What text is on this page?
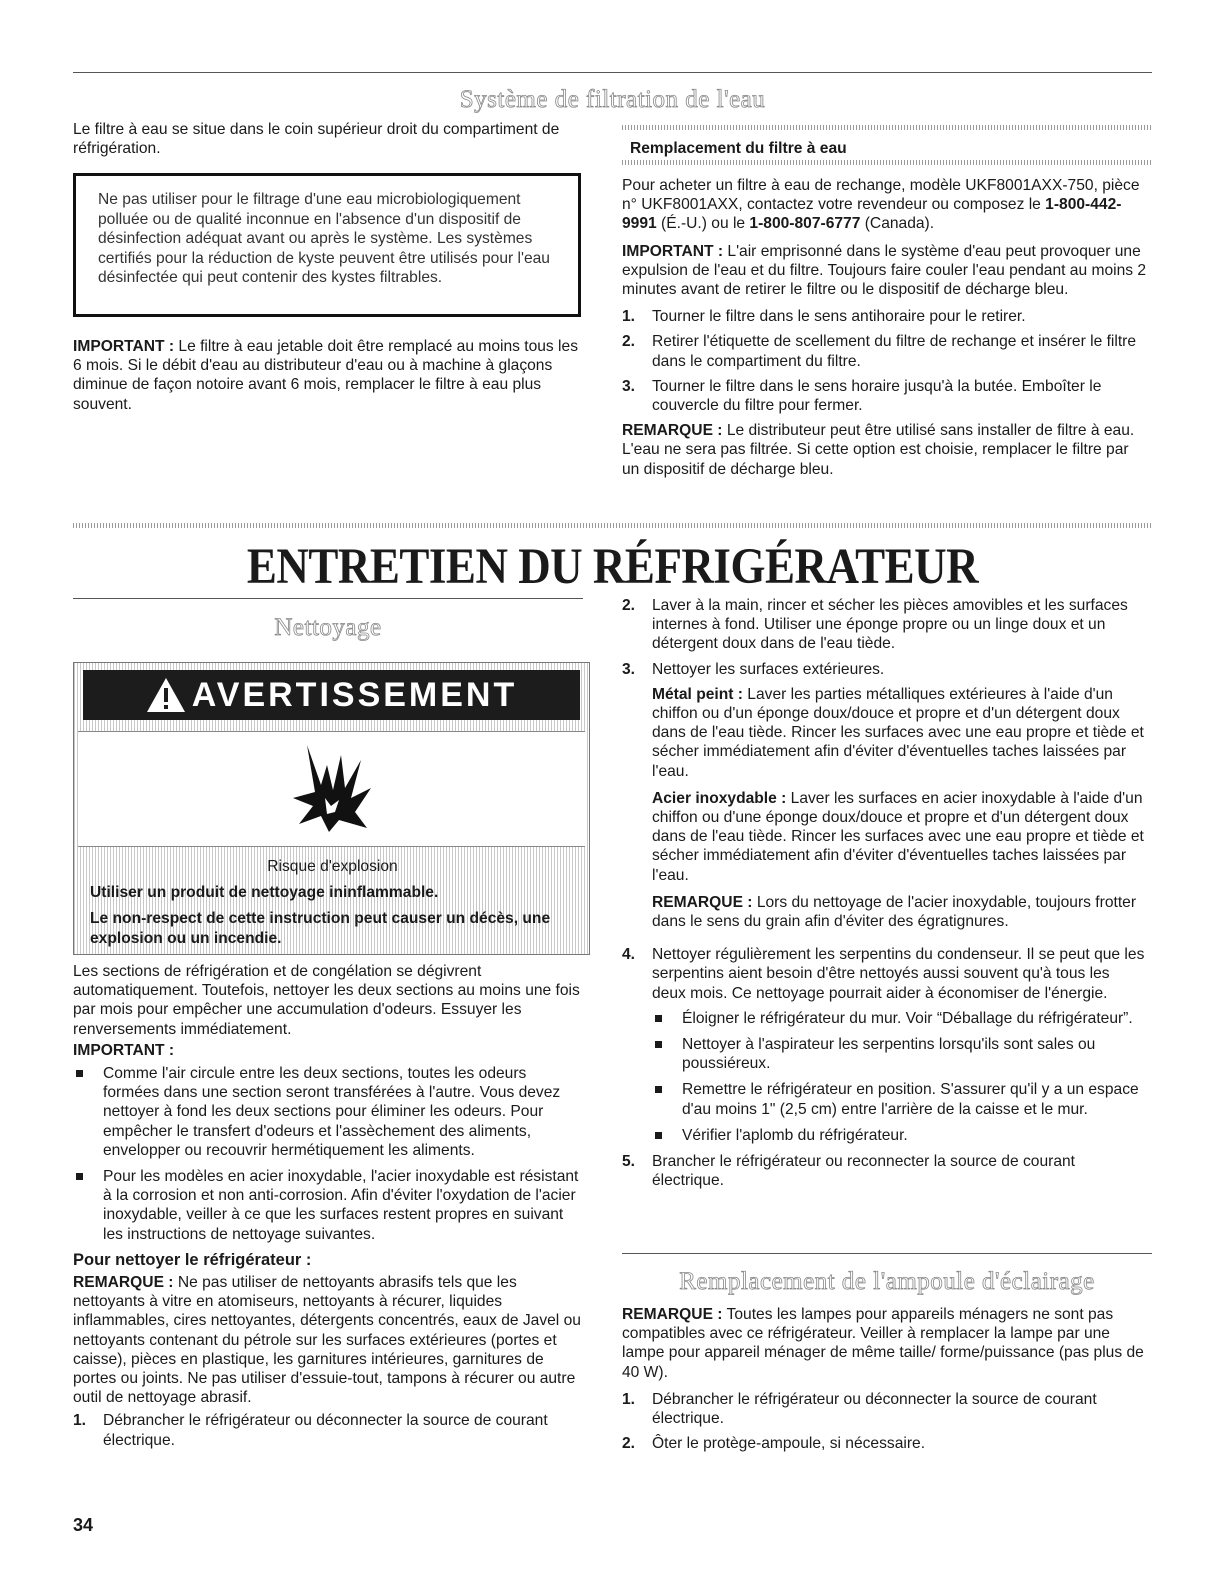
Système de filtration de l'eau

Le filtre à eau se situe dans le coin supérieur droit du compartiment de réfrigération.

Ne pas utiliser pour le filtrage d'une eau microbiologiquement polluée ou de qualité inconnue en l'absence d'un dispositif de désinfection adéquat avant ou après le système. Les systèmes certifiés pour la réduction de kyste peuvent être utilisés pour l'eau désinfectée qui peut contenir des kystes filtrables.

IMPORTANT : Le filtre à eau jetable doit être remplacé au moins tous les 6 mois. Si le débit d'eau au distributeur d'eau ou à machine à glaçons diminue de façon notoire avant 6 mois, remplacer le filtre à eau plus souvent.

Remplacement du filtre à eau

Pour acheter un filtre à eau de rechange, modèle UKF8001AXX-750, pièce n° UKF8001AXX, contactez votre revendeur ou composez le 1-800-442-9991 (É.-U.) ou le 1-800-807-6777 (Canada).

IMPORTANT : L'air emprisonné dans le système d'eau peut provoquer une expulsion de l'eau et du filtre. Toujours faire couler l'eau pendant au moins 2 minutes avant de retirer le filtre ou le dispositif de décharge bleu.

1. Tourner le filtre dans le sens antihoraire pour le retirer.
2. Retirer l'étiquette de scellement du filtre de rechange et insérer le filtre dans le compartiment du filtre.
3. Tourner le filtre dans le sens horaire jusqu'à la butée. Emboîter le couvercle du filtre pour fermer.

REMARQUE : Le distributeur peut être utilisé sans installer de filtre à eau. L'eau ne sera pas filtrée. Si cette option est choisie, remplacer le filtre par un dispositif de décharge bleu.

ENTRETIEN DU RÉFRIGÉRATEUR
Nettoyage
AVERTISSEMENT

Risque d'explosion

Utiliser un produit de nettoyage ininflammable.

Le non-respect de cette instruction peut causer un décès, une explosion ou un incendie.

Les sections de réfrigération et de congélation se dégivrent automatiquement. Toutefois, nettoyer les deux sections au moins une fois par mois pour empêcher une accumulation d'odeurs. Essuyer les renversements immédiatement.

IMPORTANT :

Comme l'air circule entre les deux sections, toutes les odeurs formées dans une section seront transférées à l'autre. Vous devez nettoyer à fond les deux sections pour éliminer les odeurs. Pour empêcher le transfert d'odeurs et l'assèchement des aliments, envelopper ou recouvrir hermétiquement les aliments.
Pour les modèles en acier inoxydable, l'acier inoxydable est résistant à la corrosion et non anti-corrosion. Afin d'éviter l'oxydation de l'acier inoxydable, veiller à ce que les surfaces restent propres en suivant les instructions de nettoyage suivantes.

Pour nettoyer le réfrigérateur :

REMARQUE : Ne pas utiliser de nettoyants abrasifs tels que les nettoyants à vitre en atomiseurs, nettoyants à récurer, liquides inflammables, cires nettoyantes, détergents concentrés, eaux de Javel ou nettoyants contenant du pétrole sur les surfaces extérieures (portes et caisse), pièces en plastique, les garnitures intérieures, garnitures de portes ou joints. Ne pas utiliser d'essuie-tout, tampons à récurer ou autre outil de nettoyage abrasif.

1. Débrancher le réfrigérateur ou déconnecter la source de courant électrique.
2. Laver à la main, rincer et sécher les pièces amovibles et les surfaces internes à fond. Utiliser une éponge propre ou un linge doux et un détergent doux dans de l'eau tiède.
3. Nettoyer les surfaces extérieures.

Métal peint : Laver les parties métalliques extérieures à l'aide d'un chiffon ou d'un éponge doux/douce et propre et d'un détergent doux dans de l'eau tiède. Rincer les surfaces avec une eau propre et tiède et sécher immédiatement afin d'éviter d'éventuelles taches laissées par l'eau.

Acier inoxydable : Laver les surfaces en acier inoxydable à l'aide d'un chiffon ou d'une éponge doux/douce et propre et d'un détergent doux dans de l'eau tiède. Rincer les surfaces avec une eau propre et tiède et sécher immédiatement afin d'éviter d'éventuelles taches laissées par l'eau.

REMARQUE : Lors du nettoyage de l'acier inoxydable, toujours frotter dans le sens du grain afin d'éviter des égratignures.

4. Nettoyer régulièrement les serpentins du condenseur. Il se peut que les serpentins aient besoin d'être nettoyés aussi souvent qu'à tous les deux mois. Ce nettoyage pourrait aider à économiser de l'énergie.
Éloigner le réfrigérateur du mur. Voir “Déballage du réfrigérateur”.
Nettoyer à l'aspirateur les serpentins lorsqu'ils sont sales ou poussiéreux.
Remettre le réfrigérateur en position. S'assurer qu'il y a un espace d'au moins 1" (2,5 cm) entre l'arrière de la caisse et le mur.
Vérifier l'aplomb du réfrigérateur.
5. Brancher le réfrigérateur ou reconnecter la source de courant électrique.
Remplacement de l'ampoule d'éclairage

REMARQUE : Toutes les lampes pour appareils ménagers ne sont pas compatibles avec ce réfrigérateur. Veiller à remplacer la lampe par une lampe pour appareil ménager de même taille/ forme/puissance (pas plus de 40 W).

1. Débrancher le réfrigérateur ou déconnecter la source de courant électrique.
2. Ôter le protège-ampoule, si nécessaire.
34
